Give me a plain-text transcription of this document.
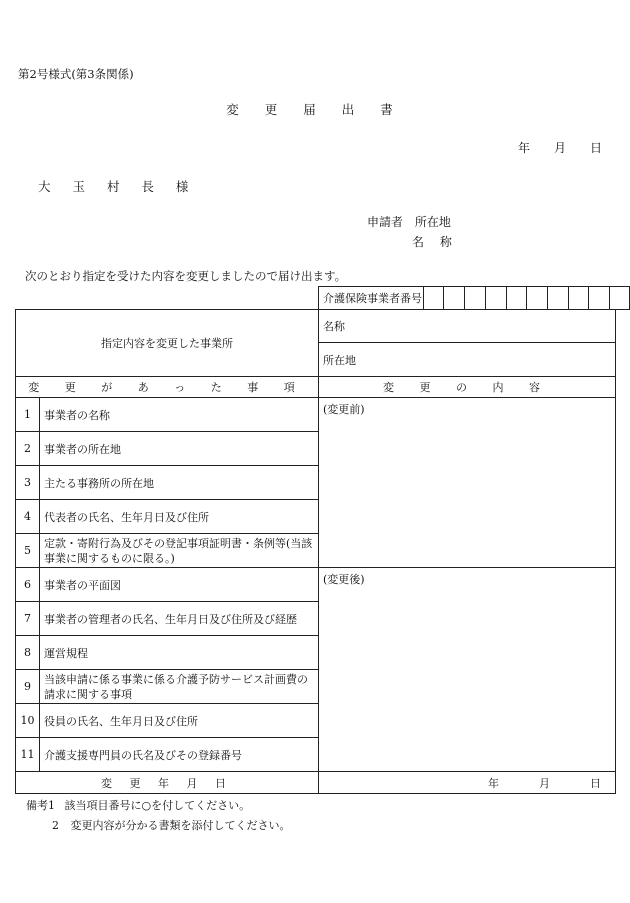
第2号様式(第3条関係)
変 更 届 出 書
年 月 日
大 玉 村 長 様
申請者 所在地
名 称
次のとおり指定を受けた内容を変更しましたので届け出ます。
介護保険事業者番号										
指定内容を変更した事業所		名称
		所在地
変 更 が あ っ た 事 項		変 更 の 内 容
1	事業者の名称	(変更前)
2	事業者の所在地	
3	主たる事務所の所在地	
4	代表者の氏名、生年月日及び住所	
5	定款・寄附行為及びその登記事項証明書・条例等(当該事業に関するものに限る。)	
6	事業者の平面図	(変更後)
7	事業者の管理者の氏名、生年月日及び住所及び経歴	
8	運営規程	
9	当該申請に係る事業に係る介護予防サービス計画費の請求に関する事項	
10	役員の氏名、生年月日及び住所	
11	介護支援専門員の氏名及びその登録番号	
変 更 年 月 日		年 月 日
備考1 該当項目番号に○を付してください。
2 変更内容が分かる書類を添付してください。
